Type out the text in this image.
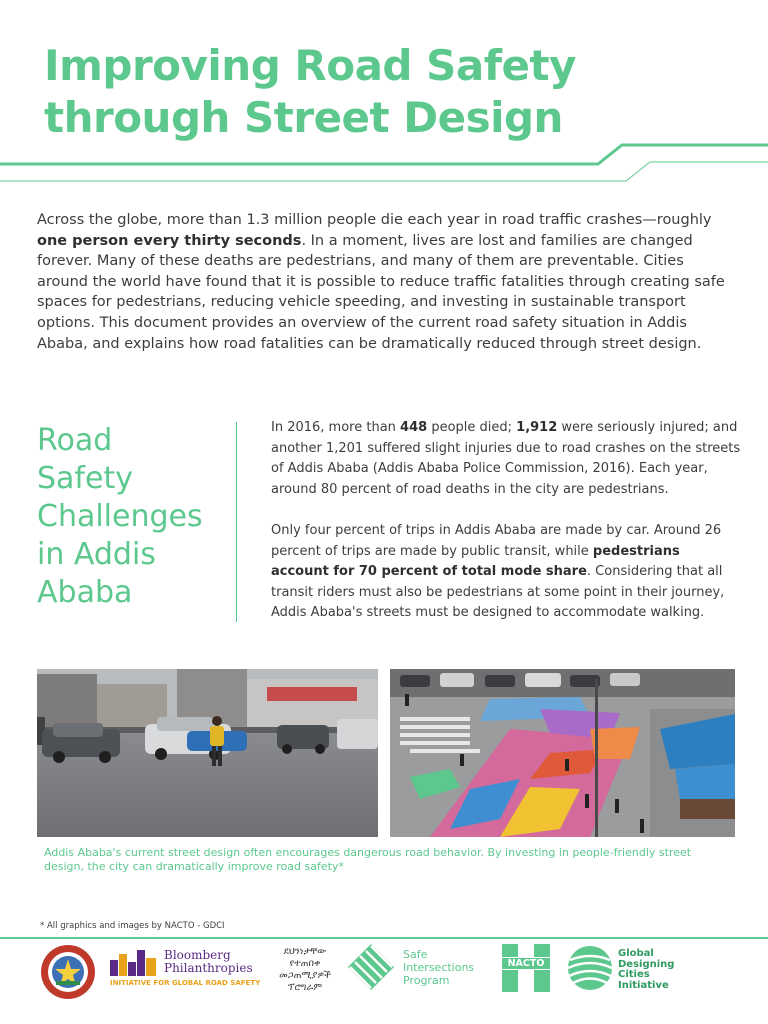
Improving Road Safety
through Street Design

Across the globe, more than 1.3 million people die each year in road traffic crashes—roughly one person every thirty seconds. In a moment, lives are lost and families are changed forever. Many of these deaths are pedestrians, and many of them are preventable. Cities around the world have found that it is possible to reduce traffic fatalities through creating safe spaces for pedestrians, reducing vehicle speeding, and investing in sustainable transport options. This document provides an overview of the current road safety situation in Addis Ababa, and explains how road fatalities can be dramatically reduced through street design.

Road
Safety
Challenges
in Addis
Ababa

In 2016, more than 448 people died; 1,912 were seriously injured; and another 1,201 suffered slight injuries due to road crashes on the streets of Addis Ababa (Addis Ababa Police Commission, 2016). Each year, around 80 percent of road deaths in the city are pedestrians.

Only four percent of trips in Addis Ababa are made by car. Around 26 percent of trips are made by public transit, while pedestrians account for 70 percent of total mode share. Considering that all transit riders must also be pedestrians at some point in their journey, Addis Ababa's streets must be designed to accommodate walking.

Addis Ababa's current street design often encourages dangerous road behavior. By investing in people-friendly street design, the city can dramatically improve road safety*

* All graphics and images by NACTO - GDCI

Bloomberg
Philanthropies
INITIATIVE FOR GLOBAL ROAD SAFETY
ደህንነታቸው
የተጠበቀ
መጋጠሚያዎች
ፕሮግራም
Safe
Intersections
Program
NACTO
Global
Designing
Cities
Initiative
